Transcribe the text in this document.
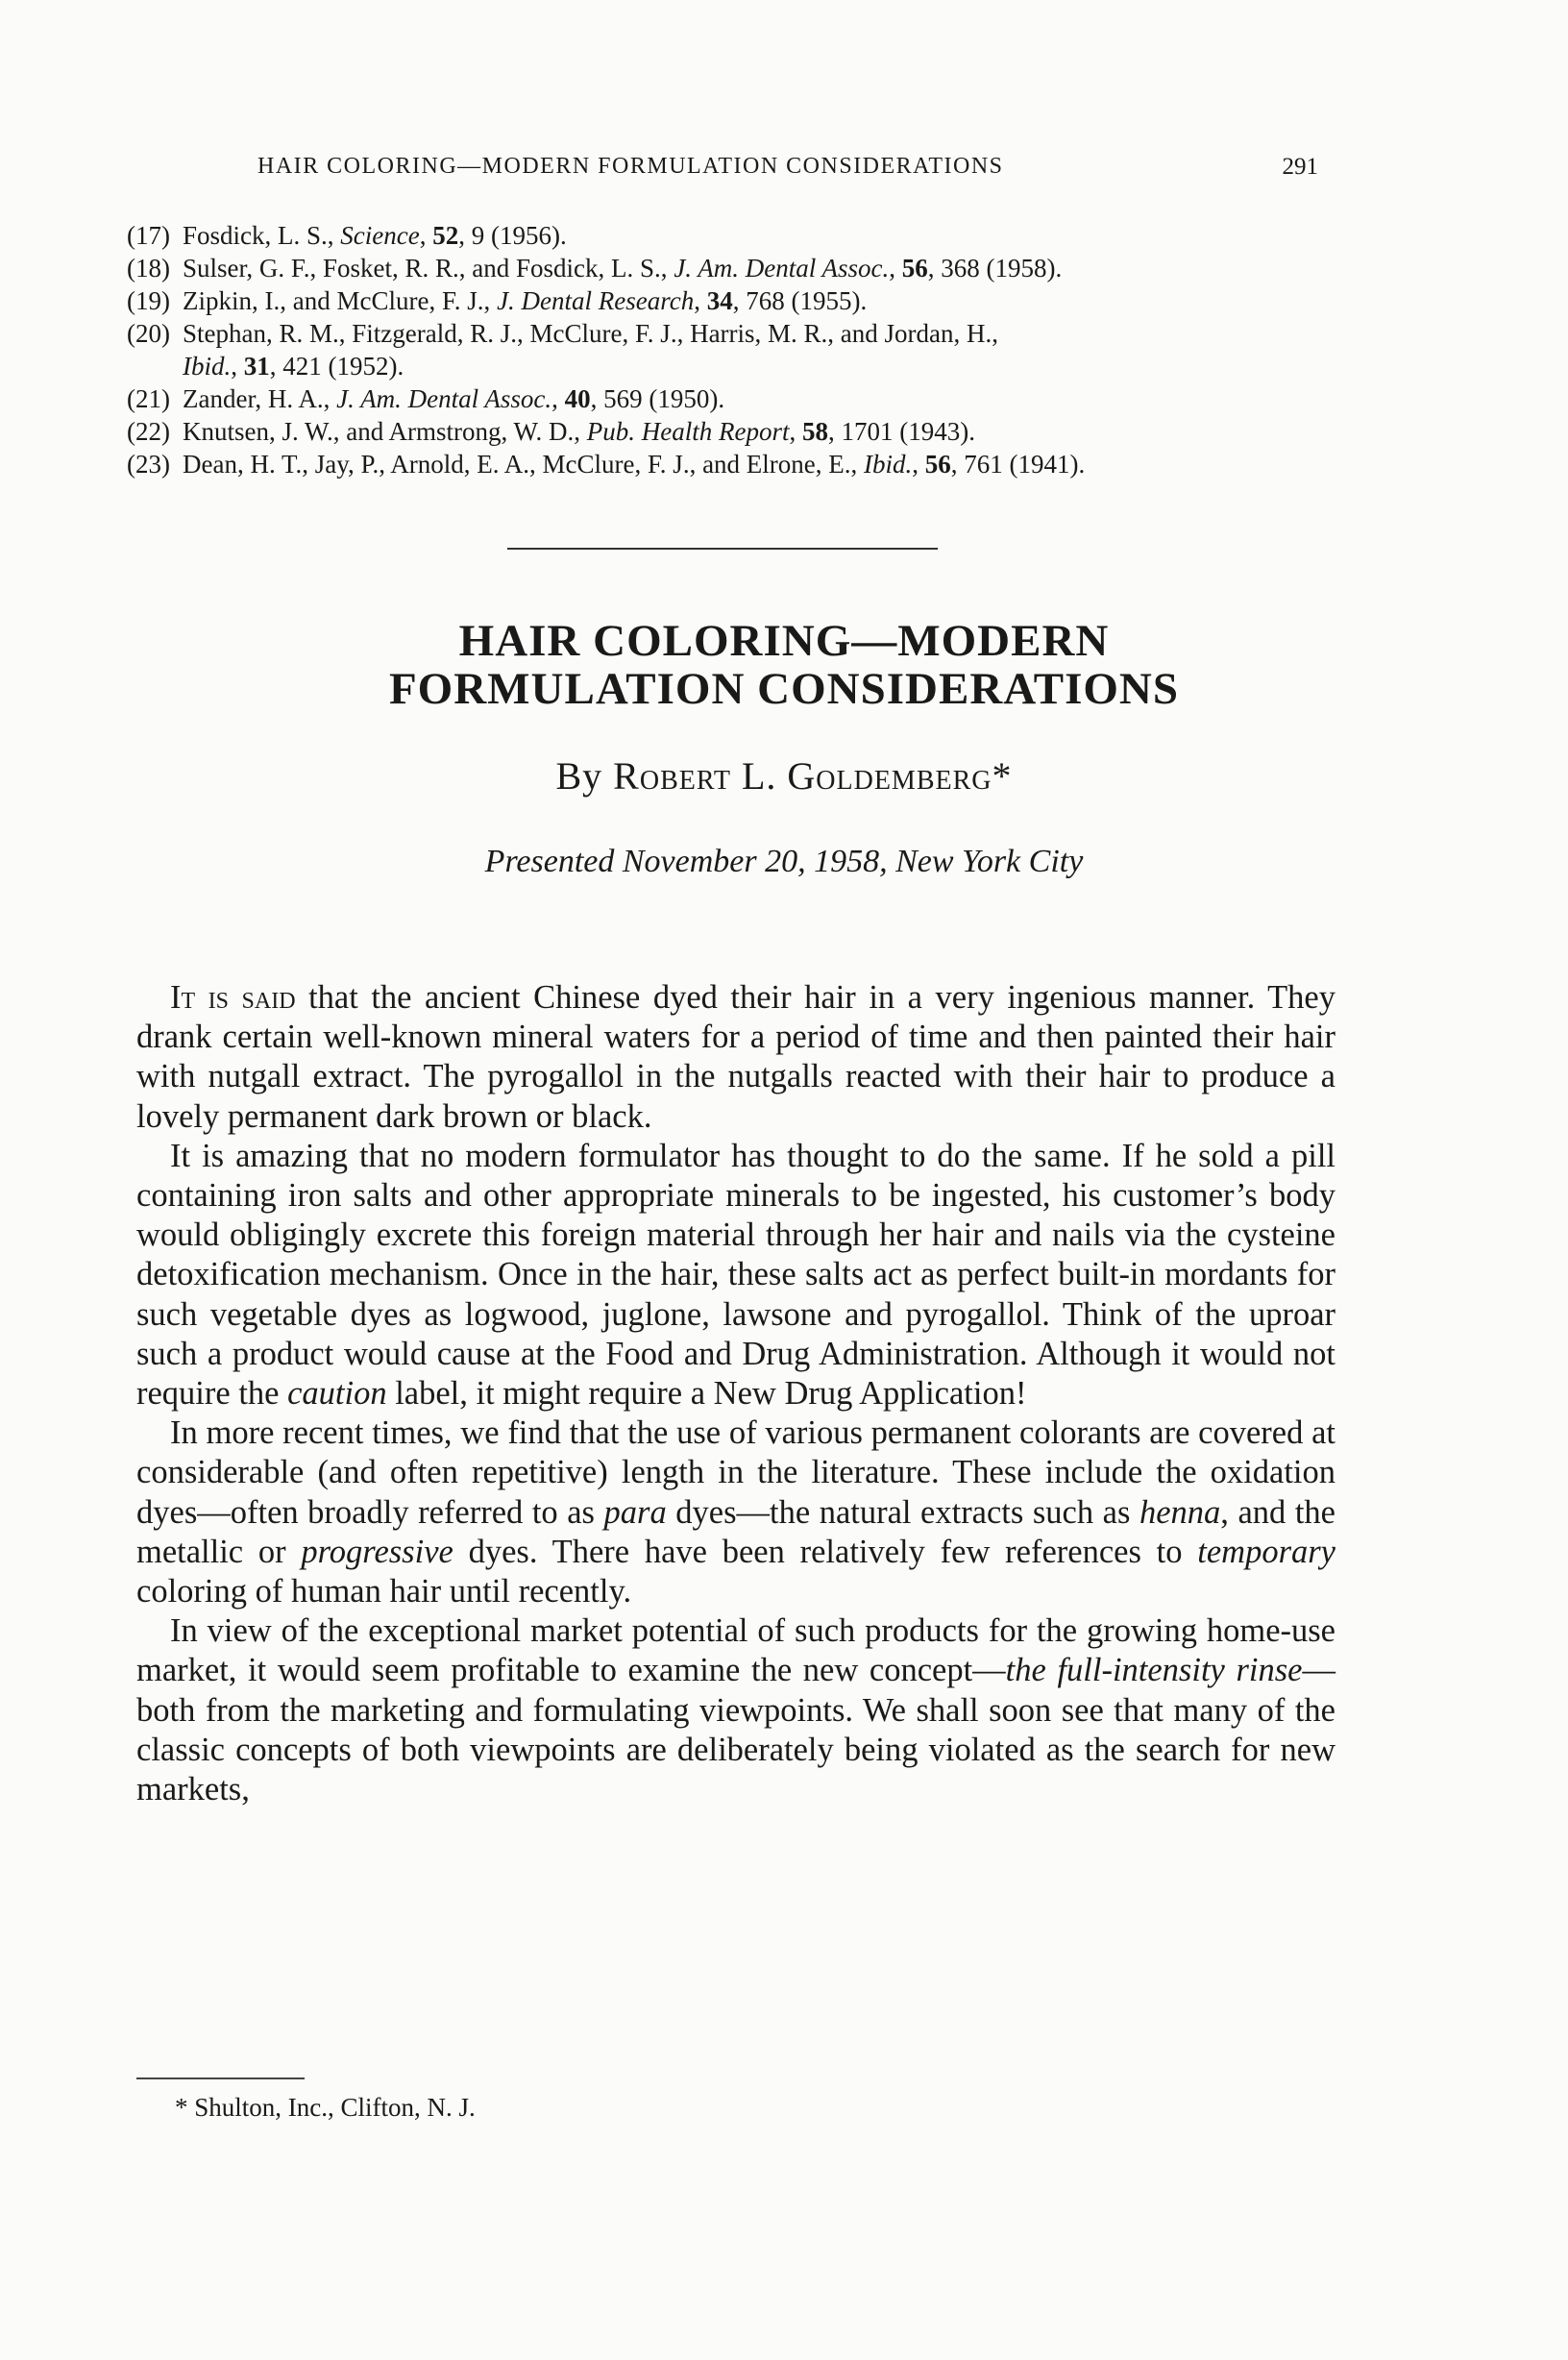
HAIR COLORING—MODERN FORMULATION CONSIDERATIONS	291
(17) Fosdick, L. S., Science, 52, 9 (1956).
(18) Sulser, G. F., Fosket, R. R., and Fosdick, L. S., J. Am. Dental Assoc., 56, 368 (1958).
(19) Zipkin, I., and McClure, F. J., J. Dental Research, 34, 768 (1955).
(20) Stephan, R. M., Fitzgerald, R. J., McClure, F. J., Harris, M. R., and Jordan, H.,
Ibid., 31, 421 (1952).
(21) Zander, H. A., J. Am. Dental Assoc., 40, 569 (1950).
(22) Knutsen, J. W., and Armstrong, W. D., Pub. Health Report, 58, 1701 (1943).
(23) Dean, H. T., Jay, P., Arnold, E. A., McClure, F. J., and Elrone, E., Ibid., 56, 761 (1941).
HAIR COLORING—MODERN
FORMULATION CONSIDERATIONS
By Robert L. Goldemberg*
Presented November 20, 1958, New York City

It is said that the ancient Chinese dyed their hair in a very ingenious manner. They drank certain well-known mineral waters for a period of time and then painted their hair with nutgall extract. The pyrogallol in the nutgalls reacted with their hair to produce a lovely permanent dark brown or black.

It is amazing that no modern formulator has thought to do the same. If he sold a pill containing iron salts and other appropriate minerals to be ingested, his customer’s body would obligingly excrete this foreign material through her hair and nails via the cysteine detoxification mechanism. Once in the hair, these salts act as perfect built-in mordants for such vegetable dyes as logwood, juglone, lawsone and pyrogallol. Think of the uproar such a product would cause at the Food and Drug Administration. Although it would not require the caution label, it might require a New Drug Application!

In more recent times, we find that the use of various permanent colorants are covered at considerable (and often repetitive) length in the literature. These include the oxidation dyes—often broadly referred to as para dyes—the natural extracts such as henna, and the metallic or progressive dyes. There have been relatively few references to temporary coloring of human hair until recently.

In view of the exceptional market potential of such products for the growing home-use market, it would seem profitable to examine the new concept—the full-intensity rinse—both from the marketing and formulating viewpoints. We shall soon see that many of the classic concepts of both viewpoints are deliberately being violated as the search for new markets,

* Shulton, Inc., Clifton, N. J.
